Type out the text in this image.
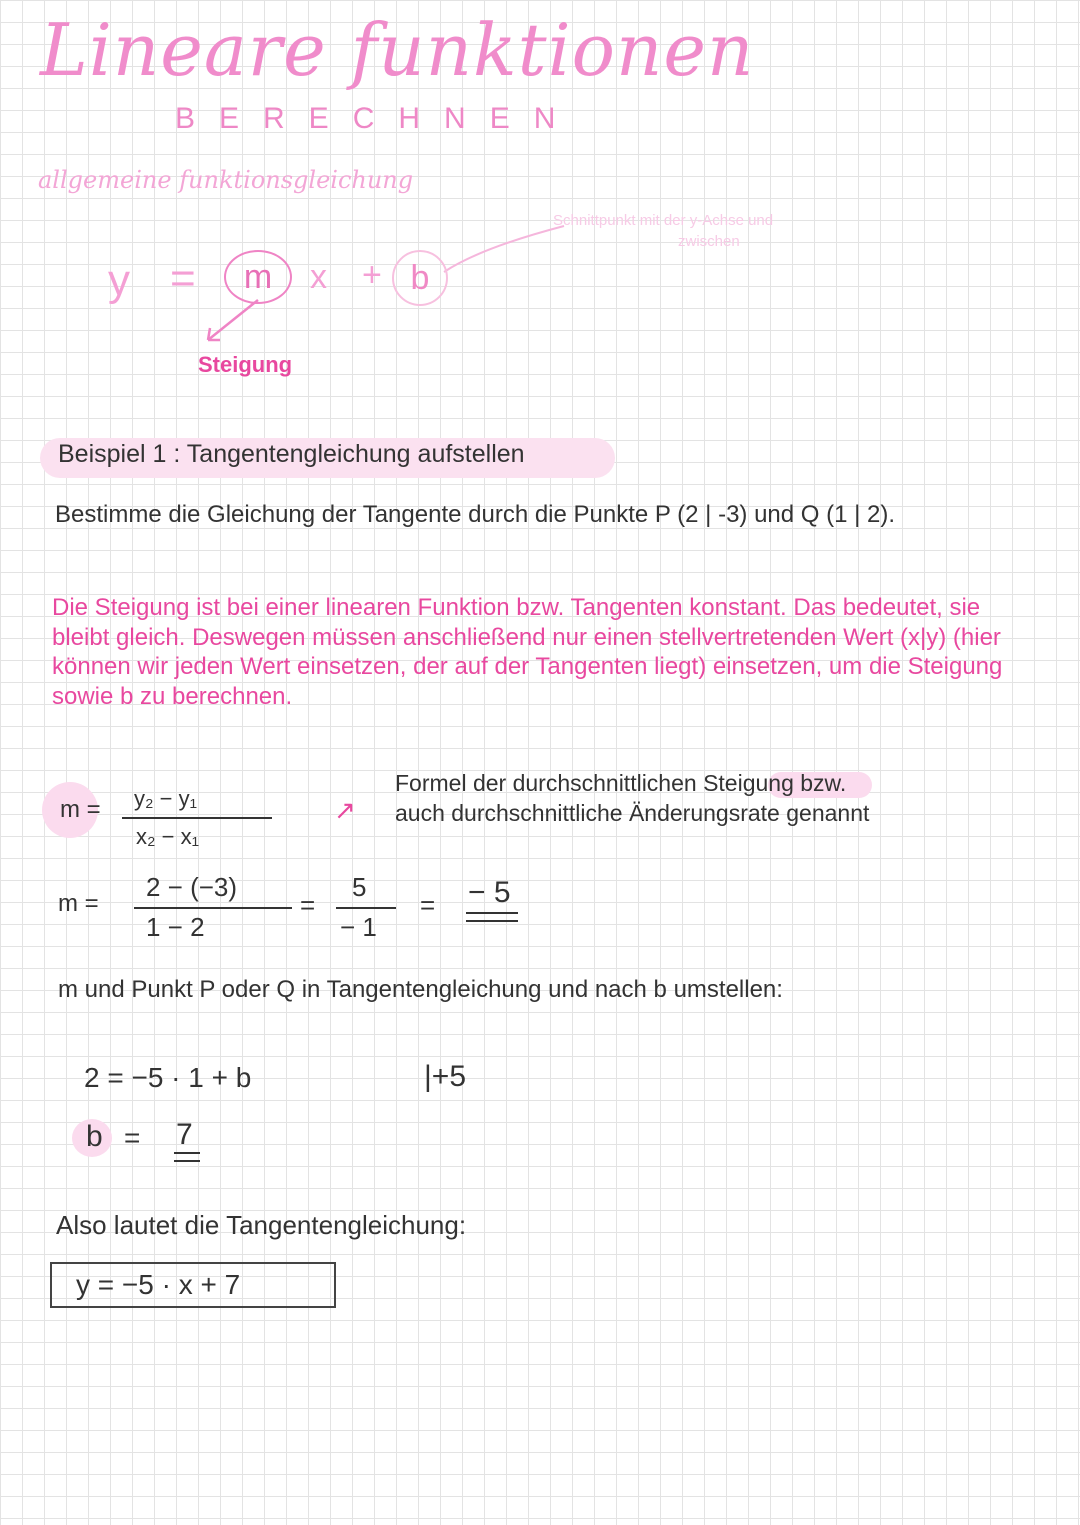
Lineare funktionen
BERECHNEN
allgemeine funktionsgleichung
Schnittpunkt mit der y-Achse und
zwischen
y = m x + b
Steigung
Beispiel 1 : Tangentengleichung aufstellen
Bestimme die Gleichung der Tangente durch die Punkte P (2 | -3) und Q (1 | 2).
Die Steigung ist bei einer linearen Funktion bzw. Tangenten konstant. Das bedeutet, sie bleibt gleich. Deswegen müssen anschließend nur einen stellvertretenden Wert (x|y) (hier können wir jeden Wert einsetzen, der auf der Tangenten liegt) einsetzen, um die Steigung sowie b zu berechnen.
m = y₂ − y₁
x₂ − x₁
↗
Formel der durchschnittlichen Steigung bzw.
auch durchschnittliche Änderungsrate genannt
m =
2 − (−3)
1 − 2
=
5
− 1
= − 5
m und Punkt P oder Q in Tangentengleichung und nach b umstellen:
2 = −5 · 1 + b	|+5
b = 7
Also lautet die Tangentengleichung:
y = −5 · x + 7
